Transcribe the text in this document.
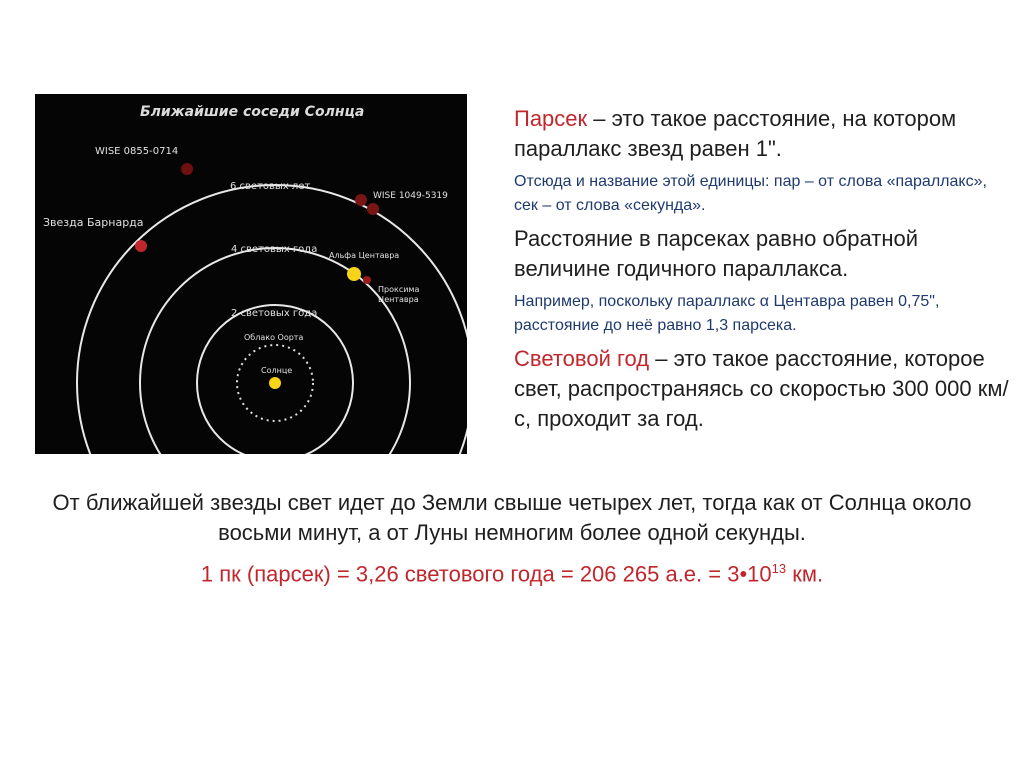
Ближайшие соседи Солнца
WISE 0855-0714
6 световых лет
WISE 1049-5319
Звезда Барнарда
4 световых года
Альфа Центавра
Проксима
Центавра
2 световых года
Облако Оорта
Солнце

Парсек – это такое расстояние, на котором параллакс звезд равен 1".

Отсюда и название этой единицы: пар – от слова «параллакс», сек – от слова «секунда».

Расстояние в парсеках равно обратной величине годичного параллакса.

Например, поскольку параллакс α Центавра равен 0,75", расстояние до неё равно 1,3 парсека.

Световой год – это такое расстояние, которое свет, распространяясь со скоростью 300 000 км/с, проходит за год.

От ближайшей звезды свет идет до Земли свыше четырех лет, тогда как от Солнца около восьми минут, а от Луны немногим более одной секунды.

1 пк (парсек) = 3,26 светового года = 206 265 а.е. = $3•10^{13}$ км.
